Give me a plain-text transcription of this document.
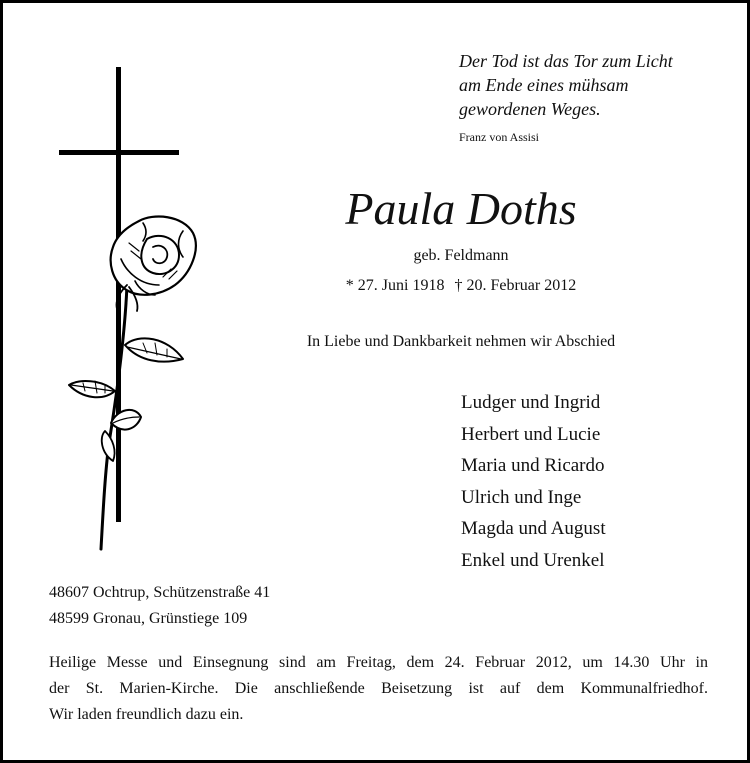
Der Tod ist das Tor zum Licht
am Ende eines mühsam
gewordenen Weges.
Franz von Assisi
Paula Doths
geb. Feldmann
* 27. Juni 1918 † 20. Februar 2012
In Liebe und Dankbarkeit nehmen wir Abschied
Ludger und Ingrid
Herbert und Lucie
Maria und Ricardo
Ulrich und Inge
Magda und August
Enkel und Urenkel
48607 Ochtrup, Schützenstraße 41
48599 Gronau, Grünstiege 109
Heilige Messe und Einsegnung sind am Freitag, dem 24. Februar 2012, um 14.30 Uhr in
der St. Marien-Kirche. Die anschließende Beisetzung ist auf dem Kommunalfriedhof.
Wir laden freundlich dazu ein.
